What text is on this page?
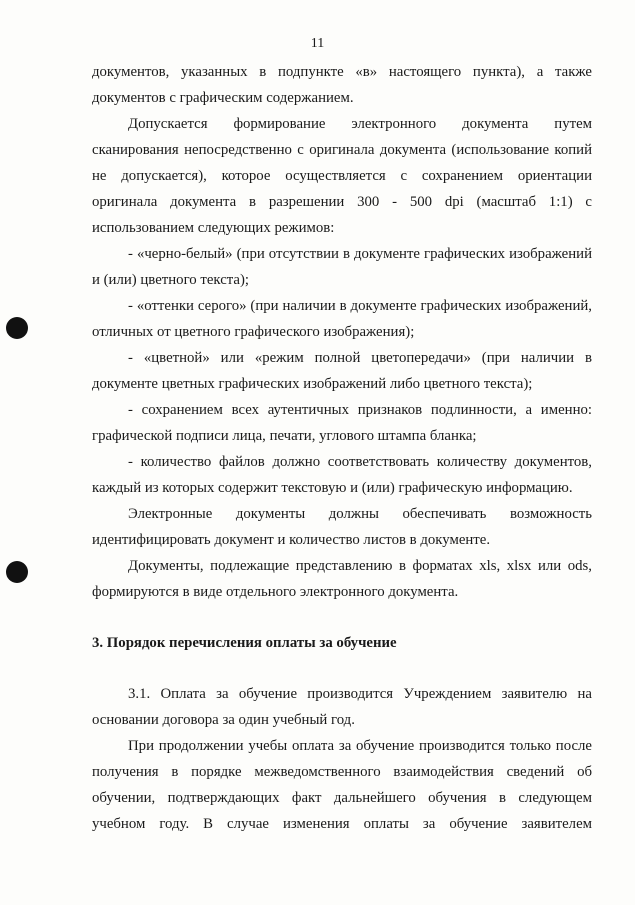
11

документов, указанных в подпункте «в» настоящего пункта), а также документов с графическим содержанием.

Допускается формирование электронного документа путем сканирования непосредственно с оригинала документа (использование копий не допускается), которое осуществляется с сохранением ориентации оригинала документа в разрешении 300 - 500 dpi (масштаб 1:1) с использованием следующих режимов:

- «черно-белый» (при отсутствии в документе графических изображений и (или) цветного текста);

- «оттенки серого» (при наличии в документе графических изображений, отличных от цветного графического изображения);

- «цветной» или «режим полной цветопередачи» (при наличии в документе цветных графических изображений либо цветного текста);

- сохранением всех аутентичных признаков подлинности, а именно: графической подписи лица, печати, углового штампа бланка;

- количество файлов должно соответствовать количеству документов, каждый из которых содержит текстовую и (или) графическую информацию.

Электронные документы должны обеспечивать возможность идентифицировать документ и количество листов в документе.

Документы, подлежащие представлению в форматах xls, xlsx или ods, формируются в виде отдельного электронного документа.

3. Порядок перечисления оплаты за обучение

3.1. Оплата за обучение производится Учреждением заявителю на основании договора за один учебный год.

При продолжении учебы оплата за обучение производится только после получения в порядке межведомственного взаимодействия сведений об обучении, подтверждающих факт дальнейшего обучения в следующем учебном году. В случае изменения оплаты за обучение заявителем
